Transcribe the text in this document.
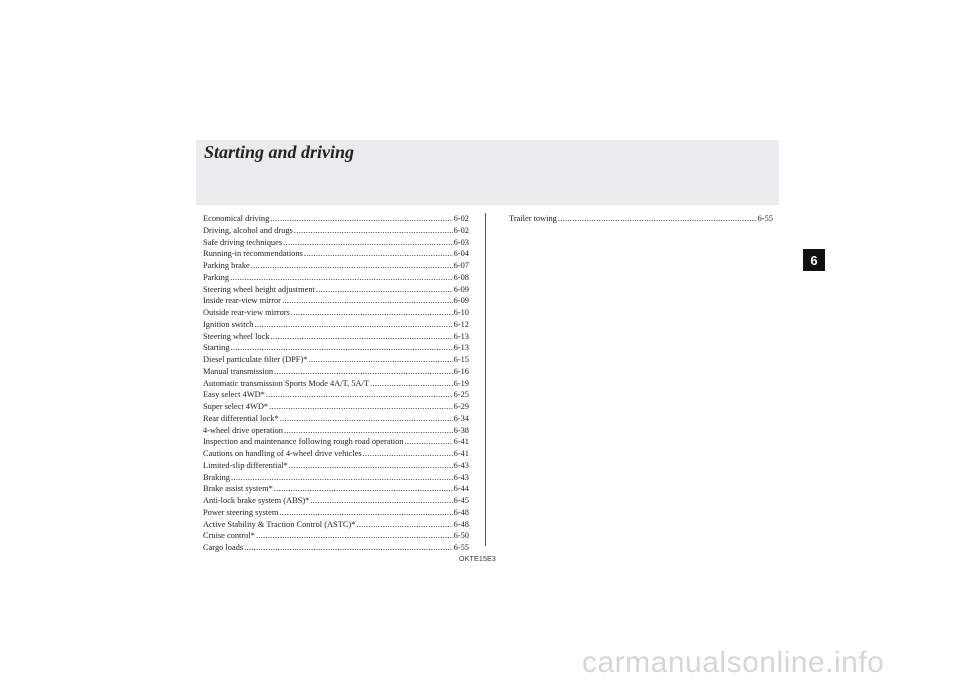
Starting and driving
Economical driving .....	6-02
Driving, alcohol and drugs .....	6-02
Safe driving techniques .....	6-03
Running-in recommendations .....	6-04
Parking brake .....	6-07
Parking .....	6-08
Steering wheel height adjustment .....	6-09
Inside rear-view mirror .....	6-09
Outside rear-view mirrors .....	6-10
Ignition switch .....	6-12
Steering wheel lock .....	6-13
Starting .....	6-13
Diesel particulate filter (DPF)* .....	6-15
Manual transmission .....	6-16
Automatic transmission Sports Mode 4A/T, 5A/T .....	6-19
Easy select 4WD* .....	6-25
Super select 4WD* .....	6-29
Rear differential lock* .....	6-34
4-wheel drive operation .....	6-38
Inspection and maintenance following rough road operation .....	6-41
Cautions on handling of 4-wheel drive vehicles .....	6-41
Limited-slip differential* .....	6-43
Braking .....	6-43
Brake assist system* .....	6-44
Anti-lock brake system (ABS)* .....	6-45
Power steering system .....	6-48
Active Stability & Traction Control (ASTC)* .....	6-48
Cruise control* .....	6-50
Cargo loads .....	6-55
Trailer towing .....	6-55
OKTE15E3
6
carmanualsonline.info
